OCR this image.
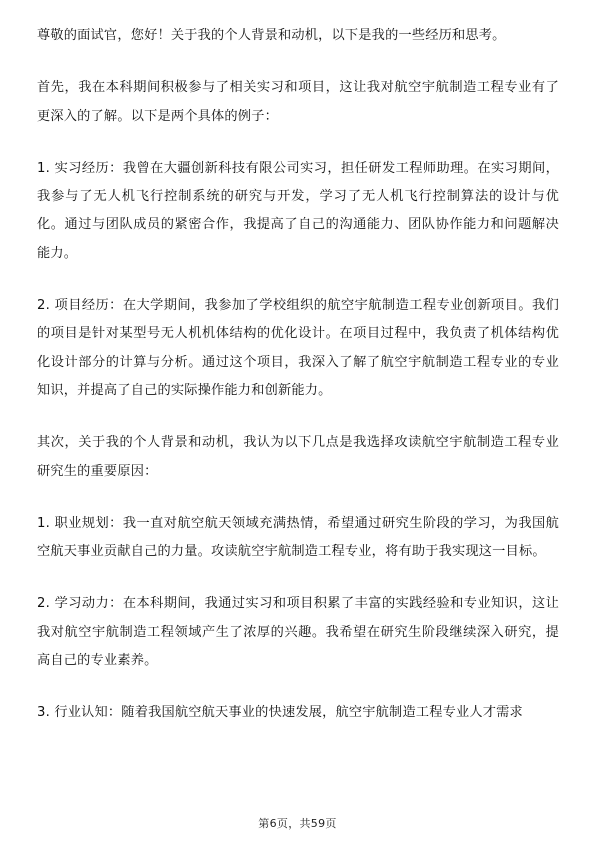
尊敬的面试官，您好！关于我的个人背景和动机，以下是我的一些经历和思考。

首先，我在本科期间积极参与了相关实习和项目，这让我对航空宇航制造工程专业有了更深入的了解。以下是两个具体的例子：

1. 实习经历：我曾在大疆创新科技有限公司实习，担任研发工程师助理。在实习期间，我参与了无人机飞行控制系统的研究与开发，学习了无人机飞行控制算法的设计与优化。通过与团队成员的紧密合作，我提高了自己的沟通能力、团队协作能力和问题解决能力。

2. 项目经历：在大学期间，我参加了学校组织的航空宇航制造工程专业创新项目。我们的项目是针对某型号无人机机体结构的优化设计。在项目过程中，我负责了机体结构优化设计部分的计算与分析。通过这个项目，我深入了解了航空宇航制造工程专业的专业知识，并提高了自己的实际操作能力和创新能力。

其次，关于我的个人背景和动机，我认为以下几点是我选择攻读航空宇航制造工程专业研究生的重要原因：

1. 职业规划：我一直对航空航天领域充满热情，希望通过研究生阶段的学习，为我国航空航天事业贡献自己的力量。攻读航空宇航制造工程专业，将有助于我实现这一目标。

2. 学习动力：在本科期间，我通过实习和项目积累了丰富的实践经验和专业知识，这让我对航空宇航制造工程领域产生了浓厚的兴趣。我希望在研究生阶段继续深入研究，提高自己的专业素养。

3. 行业认知：随着我国航空航天事业的快速发展，航空宇航制造工程专业人才需求

第6页，共59页
